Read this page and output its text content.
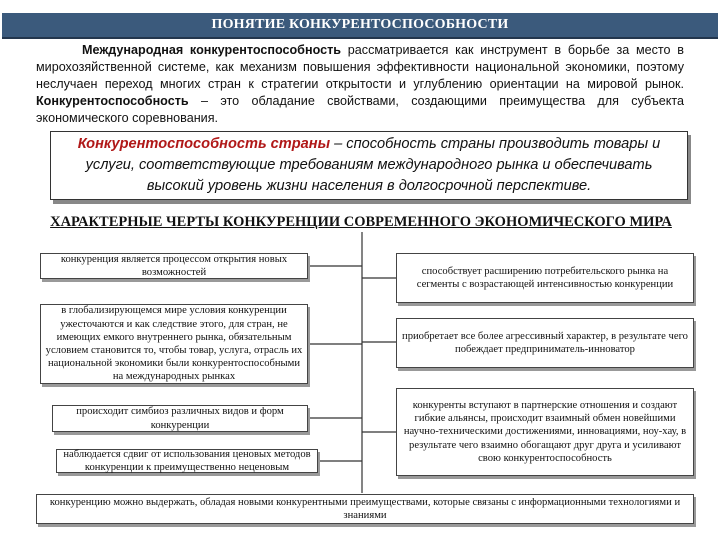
ПОНЯТИЕ КОНКУРЕНТОСПОСОБНОСТИ
Международная конкурентоспособность рассматривается как инструмент в борьбе за место в мирохозяйственной системе, как механизм повышения эффективности национальной экономики, поэтому неслучаен переход многих стран к стратегии открытости и углублению ориентации на мировой рынок. Конкурентоспособность – это обладание свойствами, создающими преимущества для субъекта экономического соревнования.
Конкурентоспособность страны – способность страны производить товары и услуги, соответствующие требованиям международного рынка и обеспечивать высокий уровень жизни населения в долгосрочной перспективе.
ХАРАКТЕРНЫЕ ЧЕРТЫ КОНКУРЕНЦИИ СОВРЕМЕННОГО ЭКОНОМИЧЕСКОГО МИРА
конкуренция является процессом открытия новых возможностей
в глобализирующемся мире условия конкуренции ужесточаются и как следствие этого, для стран, не имеющих емкого внутреннего рынка, обязательным условием становится то, чтобы товар, услуга, отрасль их национальной экономики были конкурентоспособными на международных рынках
происходит симбиоз различных видов и форм конкуренции
наблюдается сдвиг от использования ценовых методов конкуренции к преимущественно неценовым
способствует расширению потребительского рынка на сегменты с возрастающей интенсивностью конкуренции
приобретает все более агрессивный характер, в результате чего побеждает предприниматель-инноватор
конкуренты вступают в партнерские отношения и создают гибкие альянсы, происходит взаимный обмен новейшими научно-техническими достижениями, инновациями, ноу-хау, в результате чего взаимно обогащают друг друга и усиливают свою конкурентоспособность
конкуренцию можно выдержать, обладая новыми конкурентными преимуществами, которые связаны с информационными технологиями и знаниями
